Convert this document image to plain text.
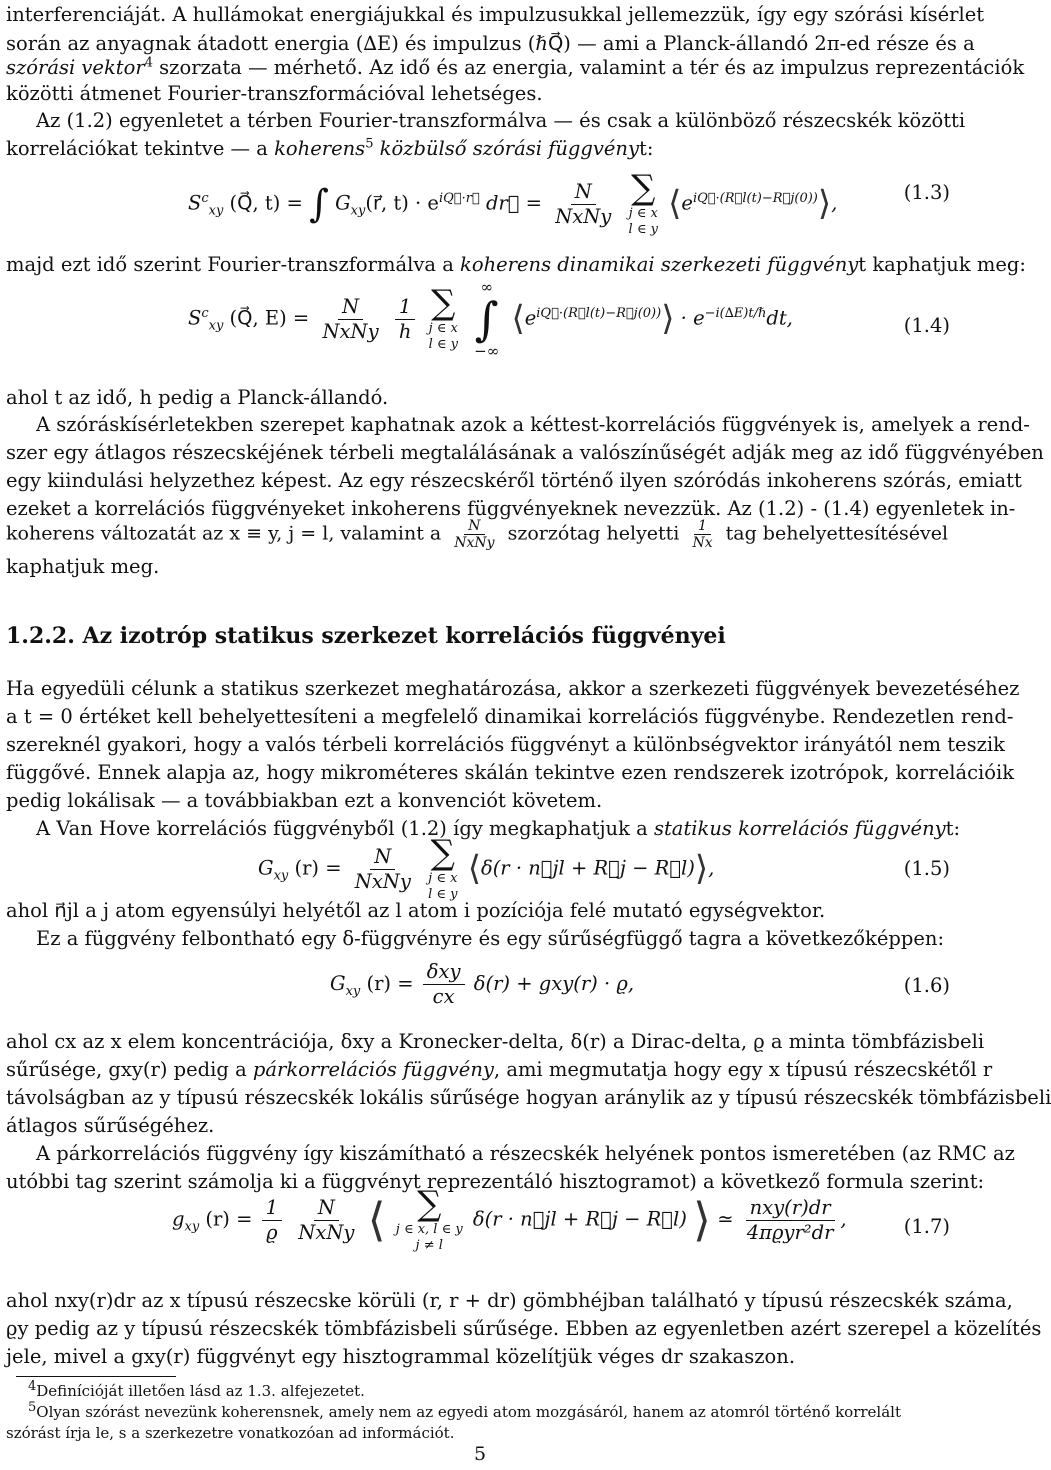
interferenciáját. A hullámokat energiájukkal és impulzusukkal jellemezzük, így egy szórási kísérlet
során az anyagnak átadott energia (∆E) és impulzus (ℏQ⃗) — ami a Planck-állandó 2π-ed része és a
szórási vektor$^4$ szorzata — mérhető. Az idő és az energia, valamint a tér és az impulzus reprezentációk
közötti átmenet Fourier-transzformációval lehetséges.
Az (1.2) egyenletet a térben Fourier-transzformálva — és csak a különböző részecskék közötti
korrelációkat tekintve — a koherens$^5$ közbülső szórási függvényt:
$S^c_{xy}$ (Q⃗, t) = ∫ $G_{xy}(r⃗$, $t) \cdot e^{iQ⃗\cdot r⃗}$ dr⃗ = $\frac{N}{\text{NxNy}}$
∑
j ∈ x
l ∈ y
$⟨e^{iQ⃗\cdot(R⃗l(t)-R⃗j(0))}⟩$,	(1.3)
majd ezt idő szerint Fourier-transzformálva a koherens dinamikai szerkezeti függvényt kaphatjuk meg:
$S^c_{xy}$ (Q⃗, $E) = \frac{N}{\text{NxNy}}$
$\frac{1}{h}$
∑
j ∈ x
l ∈ y

∞
∫
−∞
$⟨e^{iQ⃗\cdot(R⃗l(t)-R⃗j(0))}⟩ \cdot e^{-i(\Delta E)t/\hbar}dt$,	(1.4)
ahol t az idő, h pedig a Planck-állandó.
A szóráskísérletekben szerepet kaphatnak azok a kéttest-korrelációs függvények is, amelyek a rend-
szer egy átlagos részecskéjének térbeli megtalálásának a valószínűségét adják meg az idő függvényében
egy kiindulási helyzethez képest. Az egy részecskéről történő ilyen szóródás inkoherens szórás, emiatt
ezeket a korrelációs függvényeket inkoherens függvényeknek nevezzük. Az (1.2) - (1.4) egyenletek in-
koherens változatát az x ≡ y, j = l, valamint a $\frac{N}{\text{NxNy}}$ szorzótag helyetti $\frac{1}{Nx}$ tag behelyettesítésével
kaphatjuk meg.
1.2.2. Az izotróp statikus szerkezet korrelációs függvényei
Ha egyedüli célunk a statikus szerkezet meghatározása, akkor a szerkezeti függvények bevezetéséhez
a t = 0 értéket kell behelyettesíteni a megfelelő dinamikai korrelációs függvénybe. Rendezetlen rend-
szereknél gyakori, hogy a valós térbeli korrelációs függvényt a különbségvektor irányától nem teszik
függővé. Ennek alapja az, hogy mikrométeres skálán tekintve ezen rendszerek izotrópok, korrelációik
pedig lokálisak — a továbbiakban ezt a konvenciót követem.
A Van Hove korrelációs függvényből (1.2) így megkaphatjuk a statikus korrelációs függvényt:
$G_{xy}$ $(r) = \frac{N}{\text{NxNy}}$
∑
j ∈ x
l ∈ y
⟨δ(r · n⃗jl + R⃗j − R⃗l)⟩,	(1.5)
ahol n⃗jl a j atom egyensúlyi helyétől az l atom i pozíciója felé mutató egységvektor.
Ez a függvény felbontható egy δ-függvényre és egy sűrűségfüggő tagra a következőképpen:
$G_{xy}$ $(r) = \frac{\text{δxy}}{cx} \delta(r) + gxy(r) \cdot ϱ$,	(1.6)
ahol cx az x elem koncentrációja, δxy a Kronecker-delta, δ(r) a Dirac-delta, ϱ a minta tömbfázisbeli
sűrűsége, gxy(r) pedig a párkorrelációs függvény, ami megmutatja hogy egy x típusú részecskétől r
távolságban az y típusú részecskék lokális sűrűsége hogyan aránylik az y típusú részecskék tömbfázisbeli
átlagos sűrűségéhez.
A párkorrelációs függvény így kiszámítható a részecskék helyének pontos ismeretében (az RMC az
utóbbi tag szerint számolja ki a függvényt reprezentáló hisztogramot) a következő formula szerint:
$g_{xy}$ $(r) = \frac{1}{ϱ}$
$\frac{N}{\text{NxNy}}$ ⟨ ∑
j ∈ x, l ∈ y
j ≠ l
δ(r · n⃗jl + R⃗j − R⃗l) ⟩ ≃ $\frac{\text{nxy(r)dr}}{\text{4πϱyr²dr}}$ ,	(1.7)
ahol nxy(r)dr az x típusú részecske körüli (r, r + dr) gömbhéjban található y típusú részecskék száma,
ϱy pedig az y típusú részecskék tömbfázisbeli sűrűsége. Ebben az egyenletben azért szerepel a közelítés
jele, mivel a gxy(r) függvényt egy hisztogrammal közelítjük véges dr szakaszon.
$^4$Definícióját illetően lásd az 1.3. alfejezetet.
$^5$Olyan szórást nevezünk koherensnek, amely nem az egyedi atom mozgásáról, hanem az atomról történő korrelált
szórást írja le, s a szerkezetre vonatkozóan ad információt.
5
